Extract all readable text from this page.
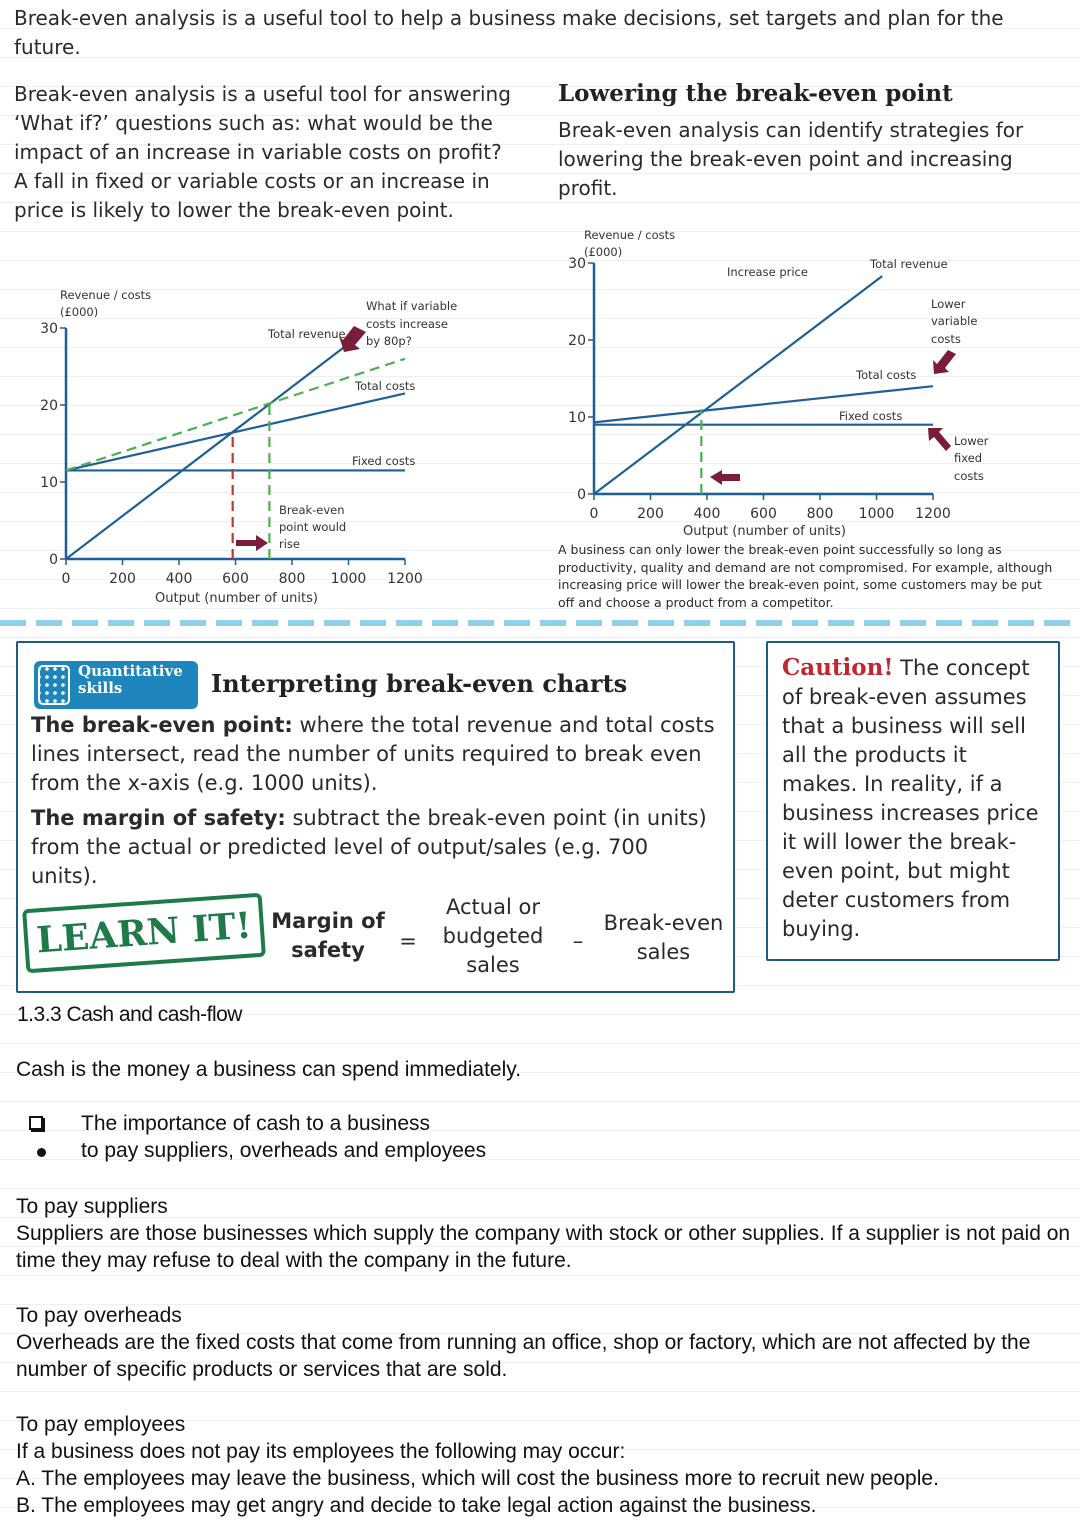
Break-even analysis is a useful tool to help a business make decisions, set targets and plan for the future.
Break-even analysis is a useful tool for answering ‘What if?’ questions such as: what would be the impact of an increase in variable costs on profit? A fall in fixed or variable costs or an increase in price is likely to lower the break-even point.
Lowering the break-even point
Break-even analysis can identify strategies for lowering the break-even point and increasing profit.
0	200 400 600 800 1000 1200
0
10
20
30
0	200 400 600 800 1000 1200
0
10
20
30
Revenue / costs
(£000)
Output (number of units)
Total revenue
Total costs
Fixed costs
What if variable
costs increase
by 80p?
Break-even
point would
rise
Revenue / costs
(£000)
Output (number of units)
Increase price
Total revenue
Total costs
Fixed costs
Lower
variable
costs
Lower
fixed
costs
A business can only lower the break-even point successfully so long as productivity, quality and demand are not compromised. For example, although increasing price will lower the break-even point, some customers may be put off and choose a product from a competitor.
Quantitative
skills	Interpreting break-even charts
The break-even point: where the total revenue and total costs lines intersect, read the number of units required to break even from the x-axis (e.g. 1000 units).
The margin of safety: subtract the break-even point (in units) from the actual or predicted level of output/sales (e.g. 700 units).
LEARN IT! Margin of
safety	=
Actual or
budgeted
sales
–
Break-even
sales
Caution! The concept of break-even assumes that a business will sell all the products it makes. In reality, if a business increases price it will lower the break-even point, but might deter customers from buying.
1.3.3 Cash and cash-flow
Cash is the money a business can spend immediately.
The importance of cash to a business
to pay suppliers, overheads and employees
To pay suppliers
Suppliers are those businesses which supply the company with stock or other supplies. If a supplier is not paid on time they may refuse to deal with the company in the future.
To pay overheads
Overheads are the fixed costs that come from running an office, shop or factory, which are not affected by the number of specific products or services that are sold.
To pay employees
If a business does not pay its employees the following may occur:
A. The employees may leave the business, which will cost the business more to recruit new people.
B. The employees may get angry and decide to take legal action against the business.
